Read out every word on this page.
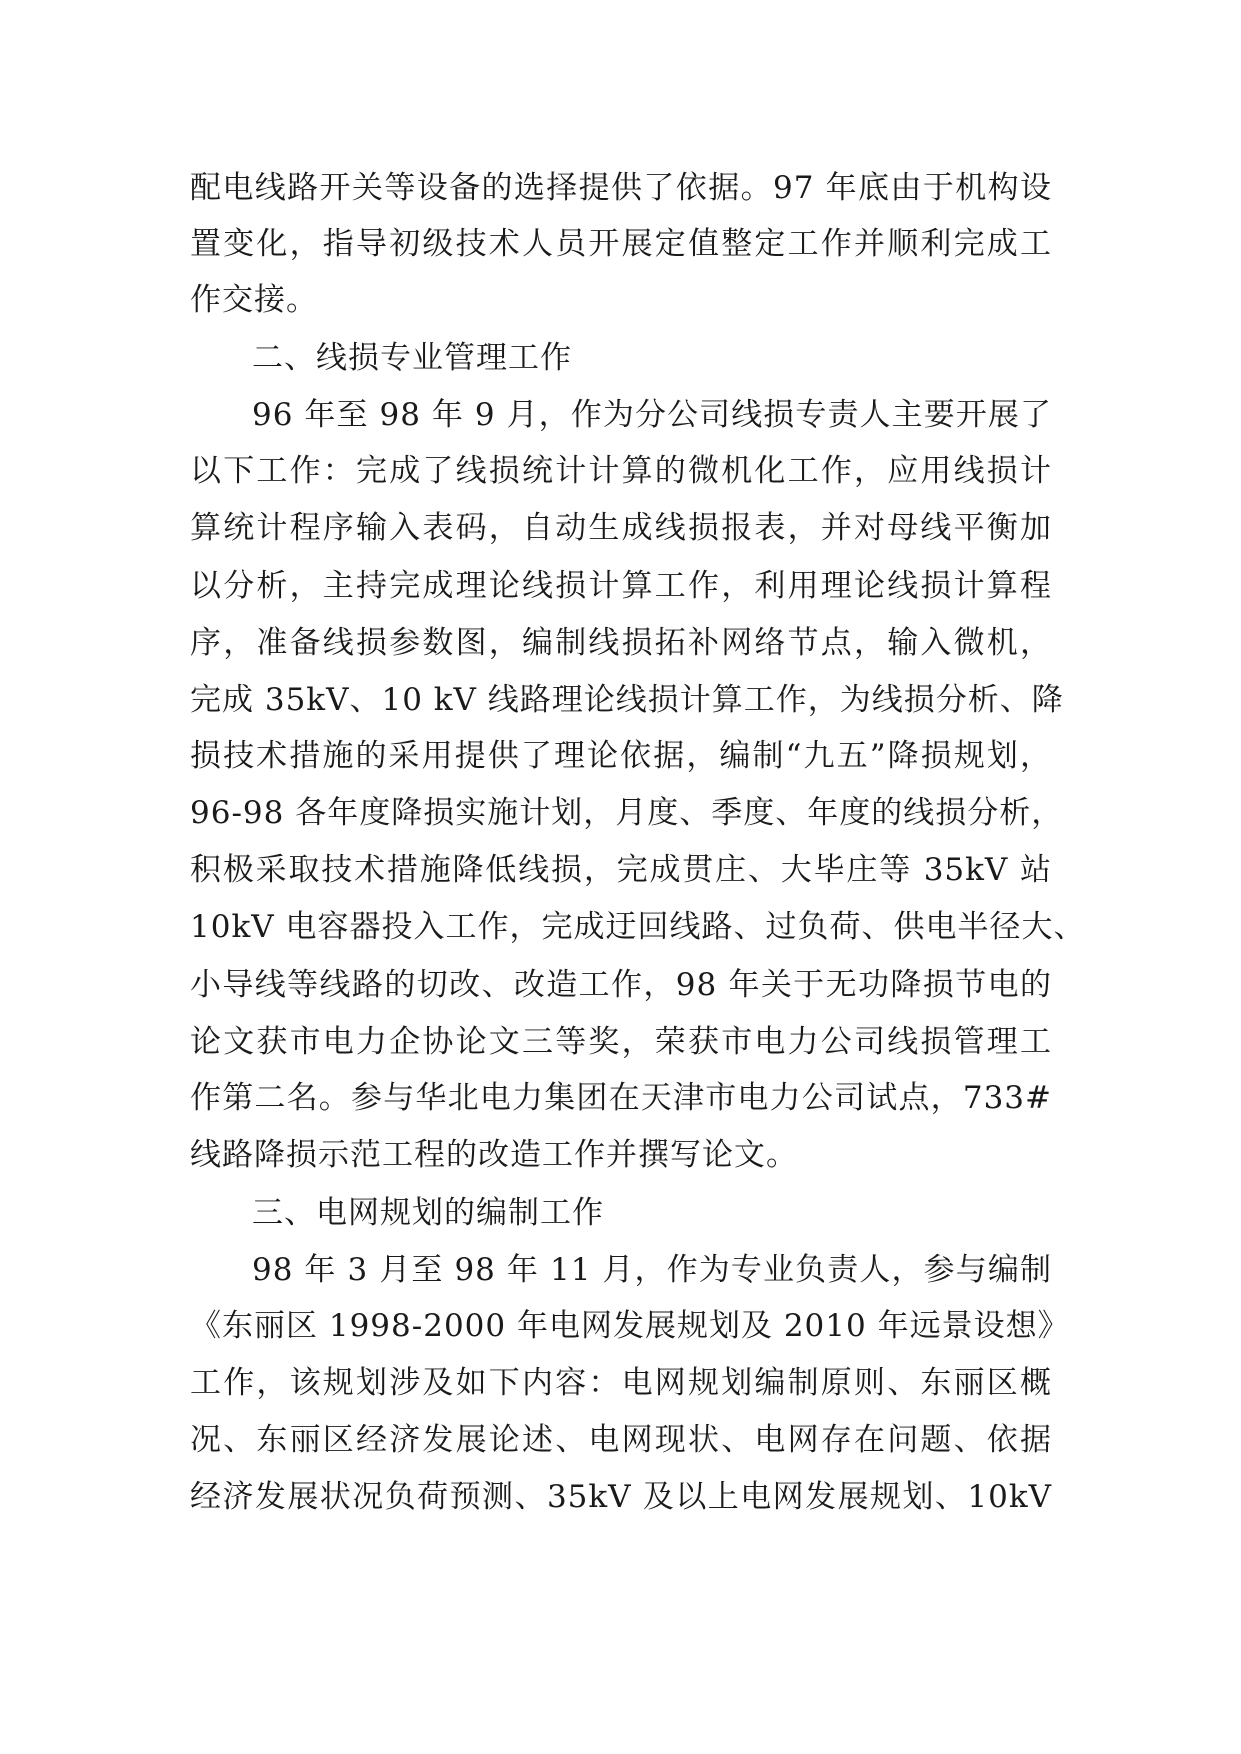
配电线路开关等设备的选择提供了依据。97 年底由于机构设
置变化，指导初级技术人员开展定值整定工作并顺利完成工
作交接。
二、线损专业管理工作
96 年至 98 年 9 月，作为分公司线损专责人主要开展了
以下工作：完成了线损统计计算的微机化工作，应用线损计
算统计程序输入表码，自动生成线损报表，并对母线平衡加
以分析，主持完成理论线损计算工作，利用理论线损计算程
序，准备线损参数图，编制线损拓补网络节点，输入微机，
完成 35kV、10 kV 线路理论线损计算工作，为线损分析、降
损技术措施的采用提供了理论依据，编制“九五”降损规划，
96-98 各年度降损实施计划，月度、季度、年度的线损分析，
积极采取技术措施降低线损，完成贯庄、大毕庄等 35kV 站
10kV 电容器投入工作，完成迂回线路、过负荷、供电半径大、
小导线等线路的切改、改造工作，98 年关于无功降损节电的
论文获市电力企协论文三等奖，荣获市电力公司线损管理工
作第二名。参与华北电力集团在天津市电力公司试点，733#
线路降损示范工程的改造工作并撰写论文。
三、电网规划的编制工作
98 年 3 月至 98 年 11 月，作为专业负责人，参与编制
《东丽区 1998-2000 年电网发展规划及 2010 年远景设想》
工作，该规划涉及如下内容：电网规划编制原则、东丽区概
况、东丽区经济发展论述、电网现状、电网存在问题、依据
经济发展状况负荷预测、35kV 及以上电网发展规划、10kV
